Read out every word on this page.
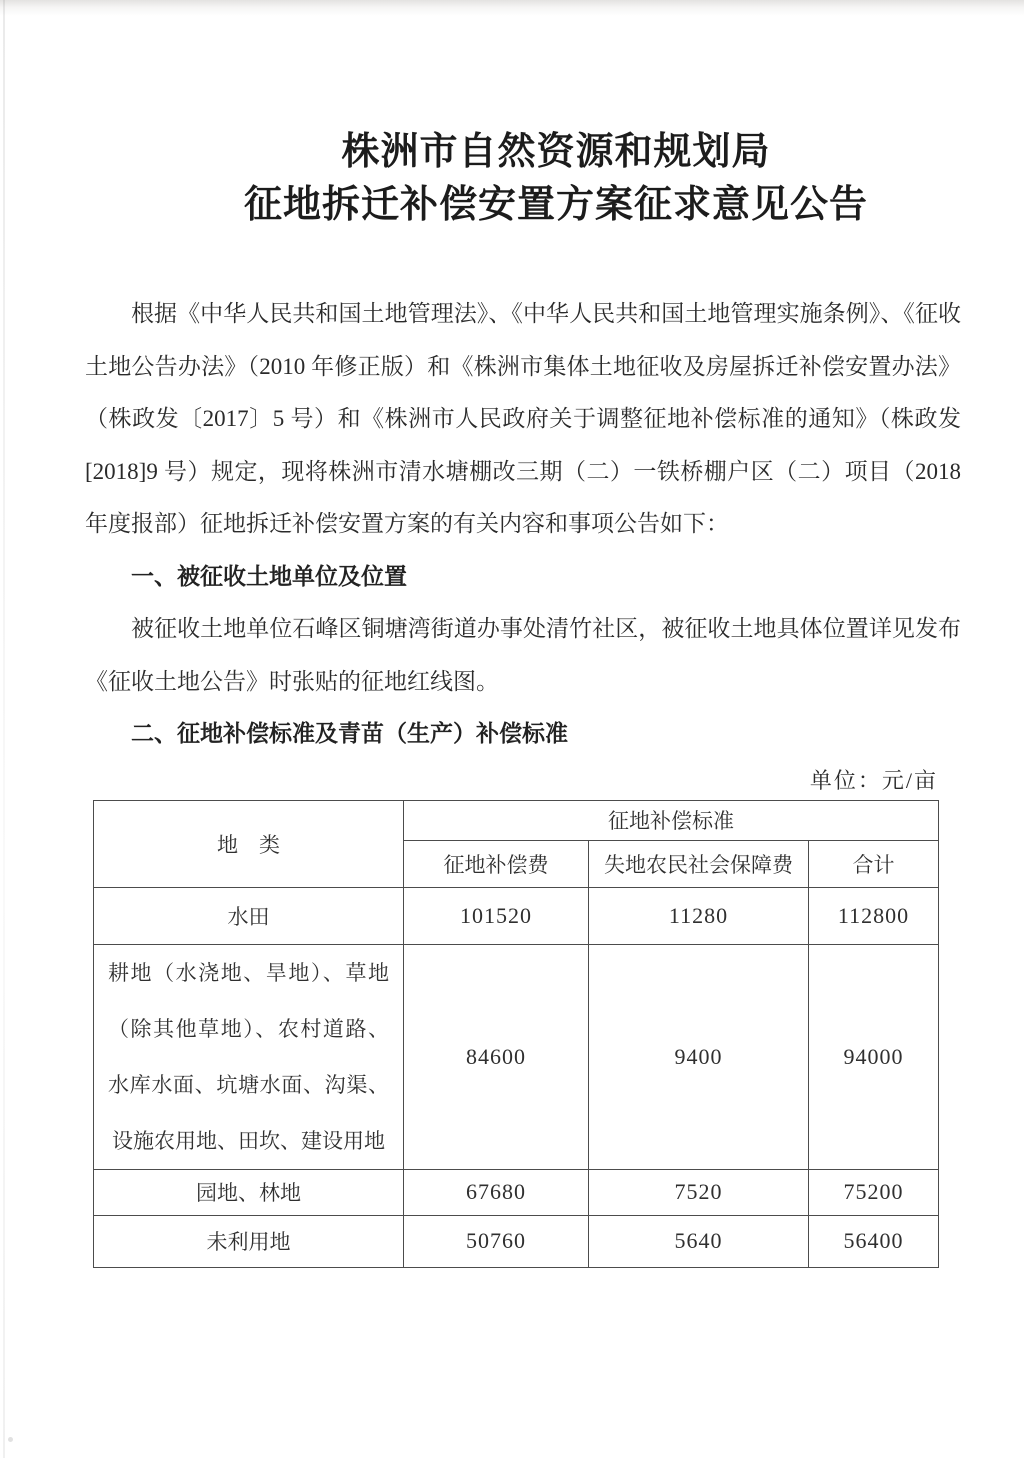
株洲市自然资源和规划局
征地拆迁补偿安置方案征求意见公告

根据《中华人民共和国土地管理法》、《中华人民共和国土地管理实施条例》、《征收土地公告办法》（2010 年修正版）和《株洲市集体土地征收及房屋拆迁补偿安置办法》（株政发〔2017〕5 号）和《株洲市人民政府关于调整征地补偿标准的通知》（株政发[2018]9 号）规定，现将株洲市清水塘棚改三期（二）一铁桥棚户区（二）项目（2018 年度报部）征地拆迁补偿安置方案的有关内容和事项公告如下：

一、被征收土地单位及位置

被征收土地单位石峰区铜塘湾街道办事处清竹社区，被征收土地具体位置详见发布《征收土地公告》时张贴的征地红线图。

二、征地补偿标准及青苗（生产）补偿标准

单位：元/亩
地　类	征地补偿标准		
	征地补偿费	失地农民社会保障费	合计
水田	101520	11280	112800
耕地（水浇地、旱地）、草地（除其他草地）、农村道路、水库水面、坑塘水面、沟渠、设施农用地、田坎、建设用地	84600	9400	94000
园地、林地	67680	7520	75200
未利用地	50760	5640	56400
